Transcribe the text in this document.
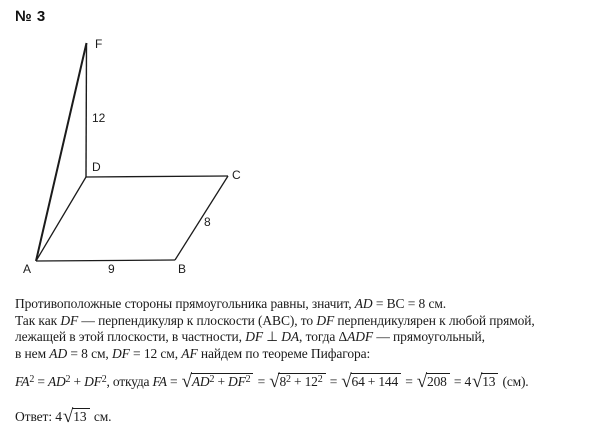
№ 3
F
D
C
A	B
12
9
8

Противоположные стороны прямоугольника равны, значит, AD = BC = 8 см.

Так как DF — перпендикуляр к плоскости (ABC), то DF перпендикулярен к любой прямой,

лежащей в этой плоскости, в частности, DF ⊥ DA, тогда ΔADF — прямоугольный,

в нем AD = 8 см, DF = 12 см, AF найдем по теореме Пифагора:

$FA^2 = AD^2 + DF^2$, откуда FA = $√AD^2 + DF^2 = √8^2 + 12^2 = √64 + 144 = √208 = 4√13$ (см).

Ответ: 4√13 см.
